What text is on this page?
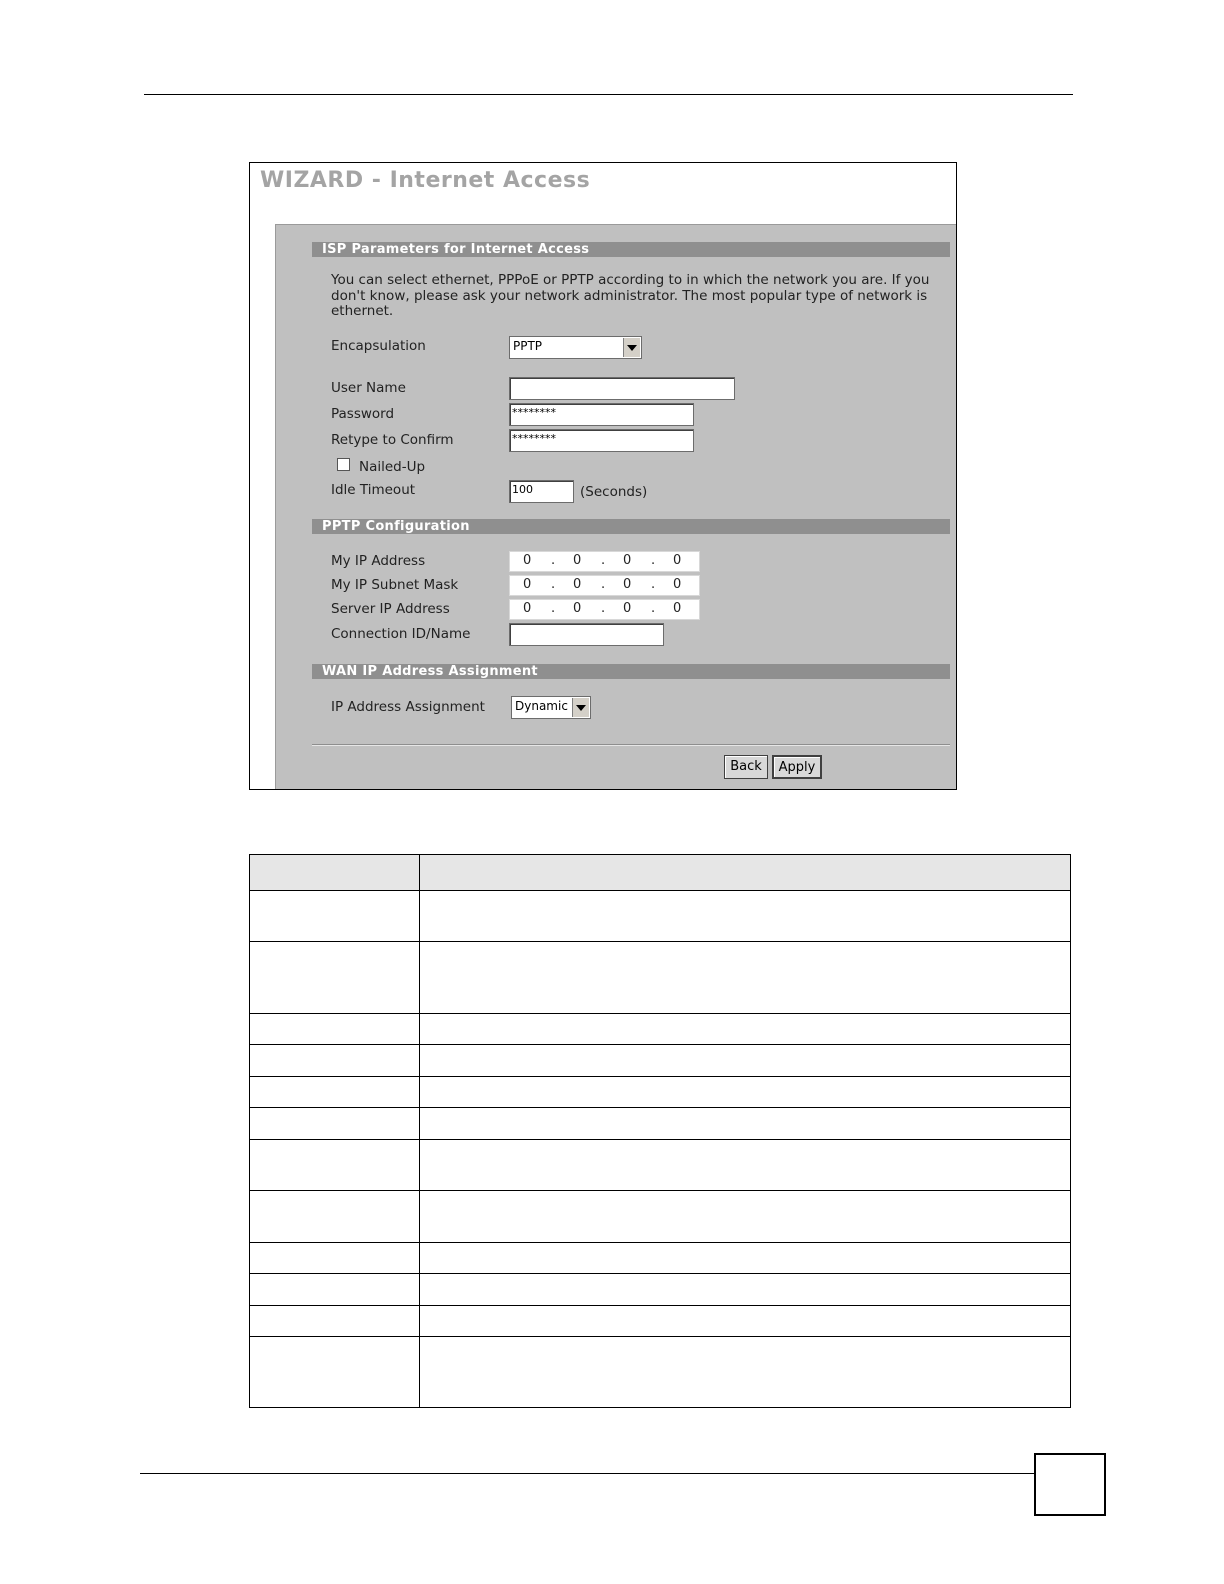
WIZARD - Internet Access
ISP Parameters for Internet Access
You can select ethernet, PPPoE or PPTP according to in which the network you are. If you don't know, please ask your network administrator. The most popular type of network is ethernet.
Encapsulation	PPTP
User Name
Password	********
Retype to Confirm	********
Nailed-Up
Idle Timeout	100	(Seconds)
PPTP Configuration
My IP Address	0 . 0 . 0 . 0
My IP Subnet Mask	0 . 0 . 0 . 0
Server IP Address	0 . 0 . 0 . 0
Connection ID/Name
WAN IP Address Assignment
IP Address Assignment	Dynamic
Back	Apply
